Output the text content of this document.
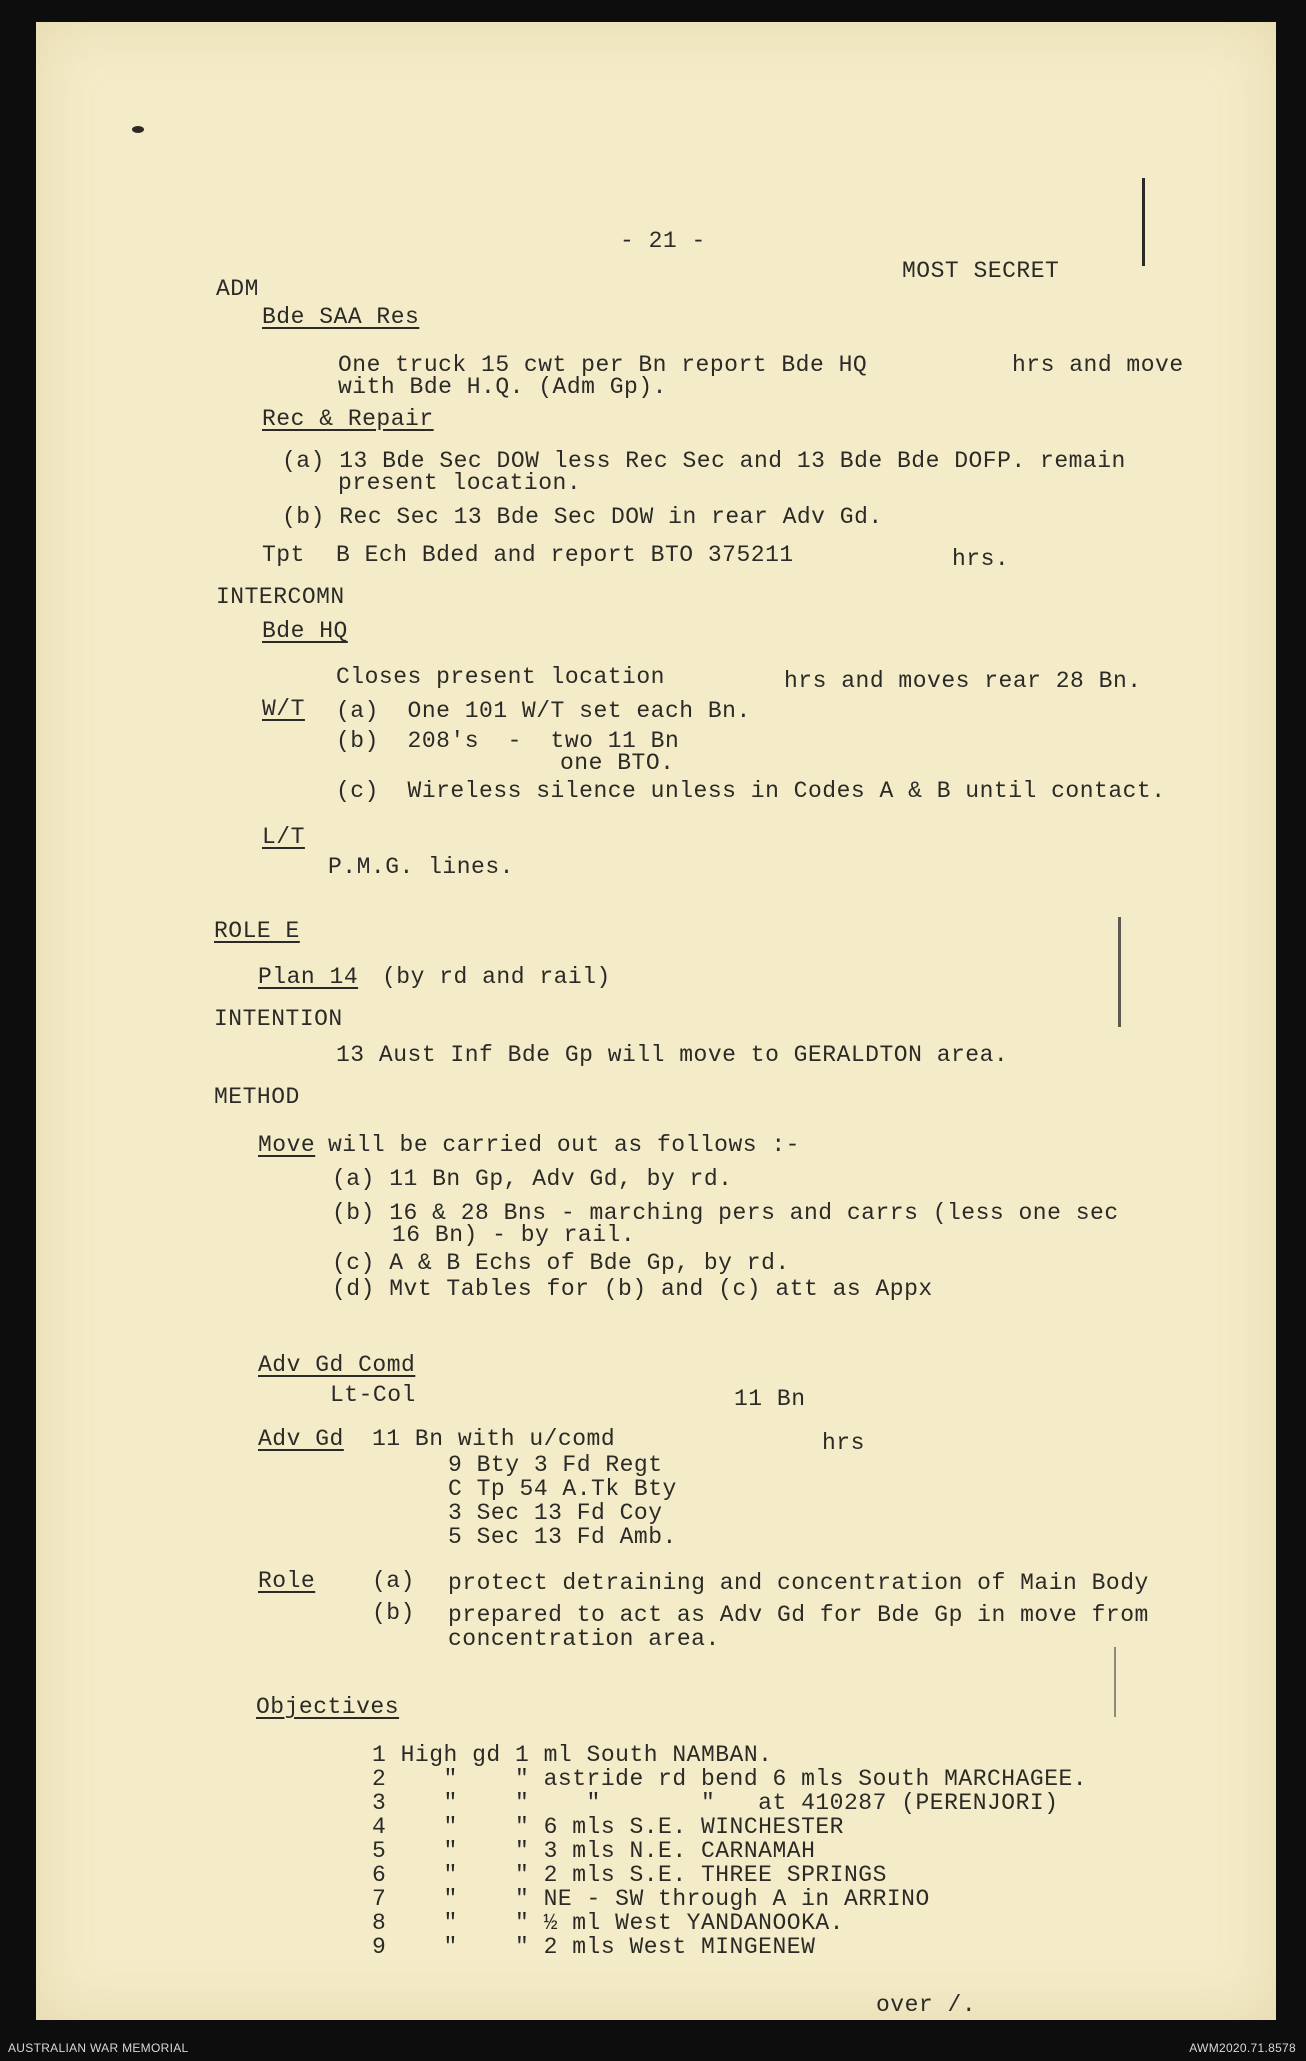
- 21 -
MOST SECRET
ADM
Bde SAA Res
One truck 15 cwt per Bn report Bde HQ	hrs and move
with Bde H.Q. (Adm Gp).
Rec & Repair
(a) 13 Bde Sec DOW less Rec Sec and 13 Bde Bde DOFP. remain
present location.
(b) Rec Sec 13 Bde Sec DOW in rear Adv Gd.
Tpt B Ech Bded and report BTO 375211	hrs.
INTERCOMN
Bde HQ
Closes present location	hrs and moves rear 28 Bn.
W/T (a)  One 101 W/T set each Bn.
(b)  208's  -  two 11 Bn
one BTO.
(c)  Wireless silence unless in Codes A & B until contact.
L/T
P.M.G. lines.
ROLE E
Plan 14 (by rd and rail)
INTENTION
13 Aust Inf Bde Gp will move to GERALDTON area.
METHOD
Move will be carried out as follows :-
(a) 11 Bn Gp, Adv Gd, by rd.
(b) 16 & 28 Bns - marching pers and carrs (less one sec
16 Bn) - by rail.
(c) A & B Echs of Bde Gp, by rd.
(d) Mvt Tables for (b) and (c) att as Appx
Adv Gd Comd
Lt-Col	11 Bn
Adv Gd 11 Bn with u/comd	hrs
9 Bty 3 Fd Regt
C Tp 54 A.Tk Bty
3 Sec 13 Fd Coy
5 Sec 13 Fd Amb.
Role (a) protect detraining and concentration of Main Body
(b) prepared to act as Adv Gd for Bde Gp in move from
concentration area.
Objectives
1 High gd 1 ml South NAMBAN.
2    "    " astride rd bend 6 mls South MARCHAGEE.
3    "    "    "       "   at 410287 (PERENJORI)
4    "    " 6 mls S.E. WINCHESTER
5    "    " 3 mls N.E. CARNAMAH
6    "    " 2 mls S.E. THREE SPRINGS
7    "    " NE - SW through A in ARRINO
8    "    " ½ ml West YANDANOOKA.
9    "    " 2 mls West MINGENEW
over /.
AUSTRALIAN WAR MEMORIAL	AWM2020.71.8578
